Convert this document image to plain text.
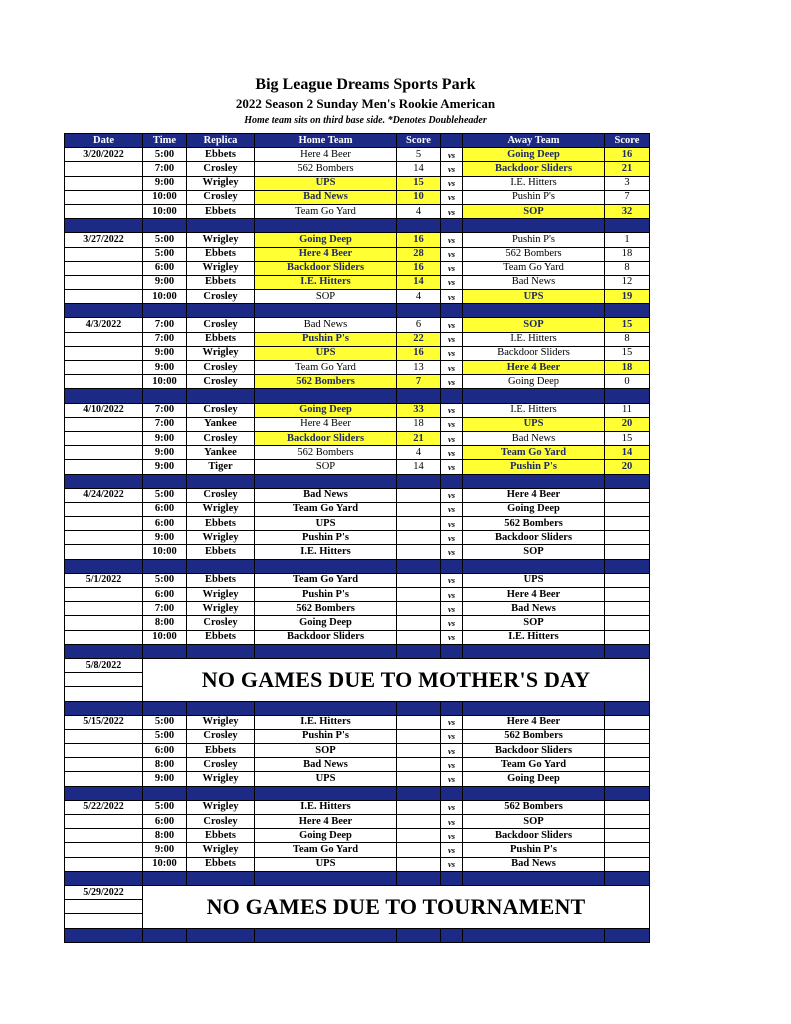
Big League Dreams Sports Park
2022 Season 2 Sunday Men's Rookie American
Home team sits on third base side. *Denotes Doubleheader
Date	Time	Replica	Home Team	Score		Away Team	Score
3/20/2022	5:00	Ebbets	Here 4 Beer	5	vs	Going Deep	16
	7:00	Crosley	562 Bombers	14	vs	Backdoor Sliders	21
	9:00	Wrigley	UPS	15	vs	I.E. Hitters	3
	10:00	Crosley	Bad News	10	vs	Pushin P's	7
	10:00	Ebbets	Team Go Yard	4	vs	SOP	32

3/27/2022	5:00	Wrigley	Going Deep	16	vs	Pushin P's	1
	5:00	Ebbets	Here 4 Beer	28	vs	562 Bombers	18
	6:00	Wrigley	Backdoor Sliders	16	vs	Team Go Yard	8
	9:00	Ebbets	I.E. Hitters	14	vs	Bad News	12
	10:00	Crosley	SOP	4	vs	UPS	19

4/3/2022	7:00	Crosley	Bad News	6	vs	SOP	15
	7:00	Ebbets	Pushin P's	22	vs	I.E. Hitters	8
	9:00	Wrigley	UPS	16	vs	Backdoor Sliders	15
	9:00	Crosley	Team Go Yard	13	vs	Here 4 Beer	18
	10:00	Crosley	562 Bombers	7	vs	Going Deep	0

4/10/2022	7:00	Crosley	Going Deep	33	vs	I.E. Hitters	11
	7:00	Yankee	Here 4 Beer	18	vs	UPS	20
	9:00	Crosley	Backdoor Sliders	21	vs	Bad News	15
	9:00	Yankee	562 Bombers	4	vs	Team Go Yard	14
	9:00	Tiger	SOP	14	vs	Pushin P's	20

4/24/2022	5:00	Crosley	Bad News		vs	Here 4 Beer	
	6:00	Wrigley	Team Go Yard		vs	Going Deep	
	6:00	Ebbets	UPS		vs	562 Bombers	
	9:00	Wrigley	Pushin P's		vs	Backdoor Sliders	
	10:00	Ebbets	I.E. Hitters		vs	SOP	

5/1/2022	5:00	Ebbets	Team Go Yard		vs	UPS	
	6:00	Wrigley	Pushin P's		vs	Here 4 Beer	
	7:00	Wrigley	562 Bombers		vs	Bad News	
	8:00	Crosley	Going Deep		vs	SOP	
	10:00	Ebbets	Backdoor Sliders		vs	I.E. Hitters	

5/8/2022	NO GAMES DUE TO MOTHER'S DAY						

5/15/2022	5:00	Wrigley	I.E. Hitters		vs	Here 4 Beer	
	5:00	Crosley	Pushin P's		vs	562 Bombers	
	6:00	Ebbets	SOP		vs	Backdoor Sliders	
	8:00	Crosley	Bad News		vs	Team Go Yard	
	9:00	Wrigley	UPS		vs	Going Deep	

5/22/2022	5:00	Wrigley	I.E. Hitters		vs	562 Bombers	
	6:00	Crosley	Here 4 Beer		vs	SOP	
	8:00	Ebbets	Going Deep		vs	Backdoor Sliders	
	9:00	Wrigley	Team Go Yard		vs	Pushin P's	
	10:00	Ebbets	UPS		vs	Bad News	

5/29/2022	NO GAMES DUE TO TOURNAMENT						
